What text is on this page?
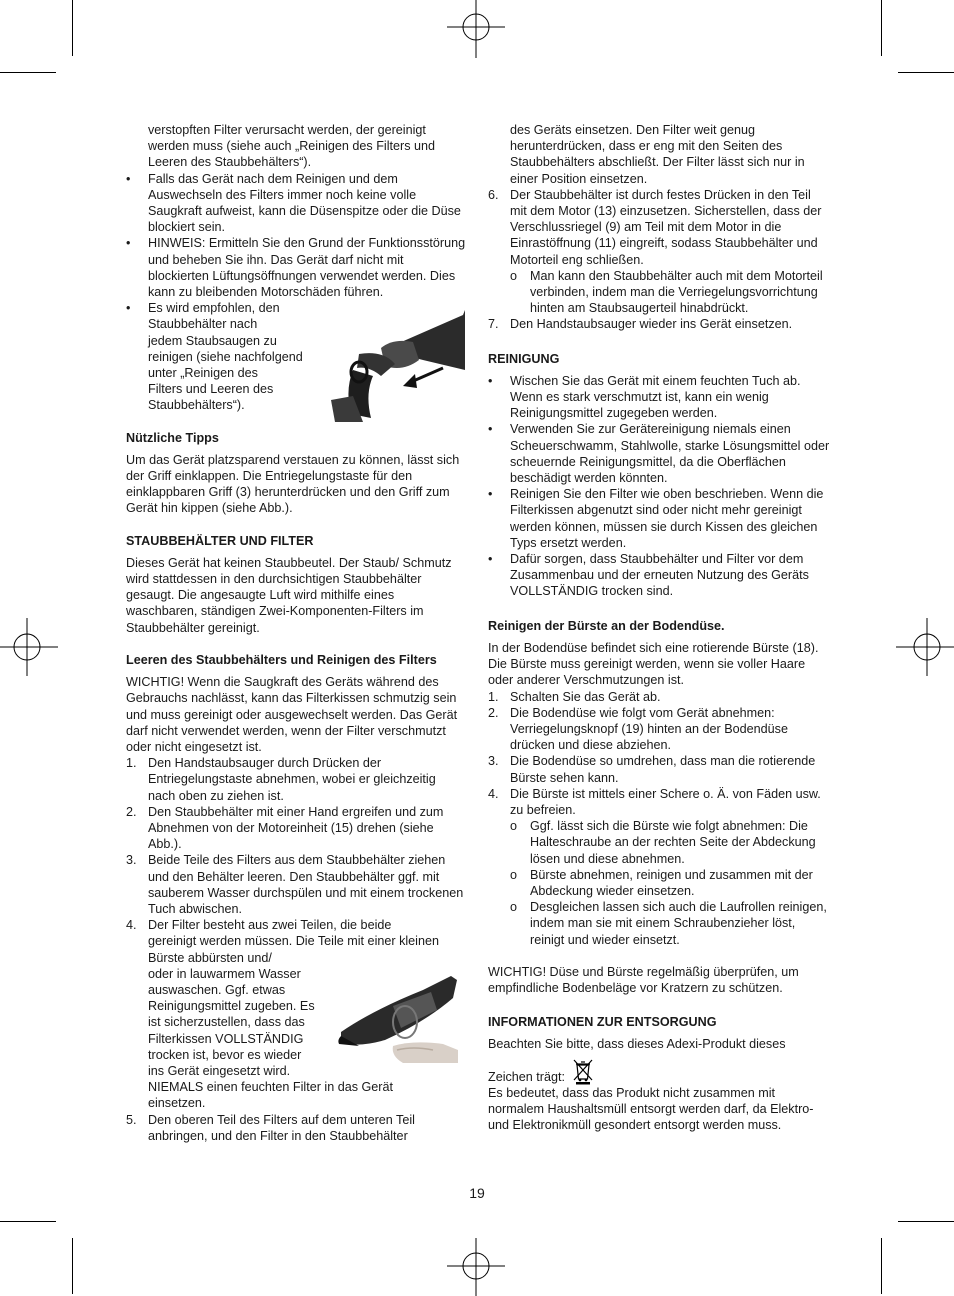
verstopften Filter verursacht werden, der gereinigt werden muss (siehe auch „Reinigen des Filters und Leeren des Staubbehälters“).

• Falls das Gerät nach dem Reinigen und dem Auswechseln des Filters immer noch keine volle Saugkraft aufweist, kann die Düsenspitze oder die Düse blockiert sein.
• HINWEIS: Ermitteln Sie den Grund der Funktionsstörung und beheben Sie ihn. Das Gerät darf nicht mit blockierten Lüftungsöffnungen verwendet werden. Dies kann zu bleibenden Motorschäden führen.
• Es wird empfohlen, den
Staubbehälter nach
jedem Staubsaugen zu
reinigen (siehe nachfolgend
unter „Reinigen des
Filters und Leeren des
Staubbehälters“).

Nützliche Tipps

Um das Gerät platzsparend verstauen zu können, lässt sich der Griff einklappen. Die Entriegelungstaste für den einklappbaren Griff (3) herunterdrücken und den Griff zum Gerät hin kippen (siehe Abb.).

STAUBBEHÄLTER UND FILTER

Dieses Gerät hat keinen Staubbeutel. Der Staub/ Schmutz wird stattdessen in den durchsichtigen Staubbehälter gesaugt. Die angesaugte Luft wird mithilfe eines waschbaren, ständigen Zwei-Komponenten-Filters im Staubbehälter gereinigt.

Leeren des Staubbehälters und Reinigen des Filters

WICHTIG! Wenn die Saugkraft des Geräts während des Gebrauchs nachlässt, kann das Filterkissen schmutzig sein und muss gereinigt oder ausgewechselt werden. Das Gerät darf nicht verwendet werden, wenn der Filter verschmutzt oder nicht eingesetzt ist.

1. Den Handstaubsauger durch Drücken der Entriegelungstaste abnehmen, wobei er gleichzeitig nach oben zu ziehen ist.
2. Den Staubbehälter mit einer Hand ergreifen und zum Abnehmen von der Motoreinheit (15) drehen (siehe Abb.).
3. Beide Teile des Filters aus dem Staubbehälter ziehen und den Behälter leeren. Den Staubbehälter ggf. mit sauberem Wasser durchspülen und mit einem trockenen Tuch abwischen.
4. Der Filter besteht aus zwei Teilen, die beide
gereinigt werden müssen. Die Teile mit einer kleinen
Bürste abbürsten und/
oder in lauwarmem Wasser
auswaschen. Ggf. etwas
Reinigungsmittel zugeben. Es
ist sicherzustellen, dass das
Filterkissen VOLLSTÄNDIG
trocken ist, bevor es wieder
ins Gerät eingesetzt wird.
NIEMALS einen feuchten Filter in das Gerät
einsetzen.
5. Den oberen Teil des Filters auf dem unteren Teil anbringen, und den Filter in den Staubbehälter

des Geräts einsetzen. Den Filter weit genug herunterdrücken, dass er eng mit den Seiten des Staubbehälters abschließt. Der Filter lässt sich nur in einer Position einsetzen.

6. Der Staubbehälter ist durch festes Drücken in den Teil mit dem Motor (13) einzusetzen. Sicherstellen, dass der Verschlussriegel (9) am Teil mit dem Motor in die Einrastöffnung (11) eingreift, sodass Staubbehälter und Motorteil eng schließen.
o Man kann den Staubbehälter auch mit dem Motorteil verbinden, indem man die Verriegelungsvorrichtung hinten am Staubsaugerteil hinabdrückt.
7. Den Handstaubsauger wieder ins Gerät einsetzen.

REINIGUNG

• Wischen Sie das Gerät mit einem feuchten Tuch ab. Wenn es stark verschmutzt ist, kann ein wenig Reinigungsmittel zugegeben werden.
• Verwenden Sie zur Gerätereinigung niemals einen Scheuerschwamm, Stahlwolle, starke Lösungsmittel oder scheuernde Reinigungsmittel, da die Oberflächen beschädigt werden könnten.
• Reinigen Sie den Filter wie oben beschrieben. Wenn die Filterkissen abgenutzt sind oder nicht mehr gereinigt werden können, müssen sie durch Kissen des gleichen Typs ersetzt werden.
• Dafür sorgen, dass Staubbehälter und Filter vor dem Zusammenbau und der erneuten Nutzung des Geräts VOLLSTÄNDIG trocken sind.

Reinigen der Bürste an der Bodendüse.

In der Bodendüse befindet sich eine rotierende Bürste (18). Die Bürste muss gereinigt werden, wenn sie voller Haare oder anderer Verschmutzungen ist.

1. Schalten Sie das Gerät ab.
2. Die Bodendüse wie folgt vom Gerät abnehmen: Verriegelungsknopf (19) hinten an der Bodendüse drücken und diese abziehen.
3. Die Bodendüse so umdrehen, dass man die rotierende Bürste sehen kann.
4. Die Bürste ist mittels einer Schere o. Ä. von Fäden usw. zu befreien.
o Ggf. lässt sich die Bürste wie folgt abnehmen: Die Halteschraube an der rechten Seite der Abdeckung lösen und diese abnehmen.
o Bürste abnehmen, reinigen und zusammen mit der Abdeckung wieder einsetzen.
o Desgleichen lassen sich auch die Laufrollen reinigen, indem man sie mit einem Schraubenzieher löst, reinigt und wieder einsetzt.

WICHTIG! Düse und Bürste regelmäßig überprüfen, um empfindliche Bodenbeläge vor Kratzern zu schützen.

INFORMATIONEN ZUR ENTSORGUNG

Beachten Sie bitte, dass dieses Adexi-Produkt dieses

Zeichen trägt:

Es bedeutet, dass das Produkt nicht zusammen mit normalem Haushaltsmüll entsorgt werden darf, da Elektro- und Elektronikmüll gesondert entsorgt werden muss.

19
